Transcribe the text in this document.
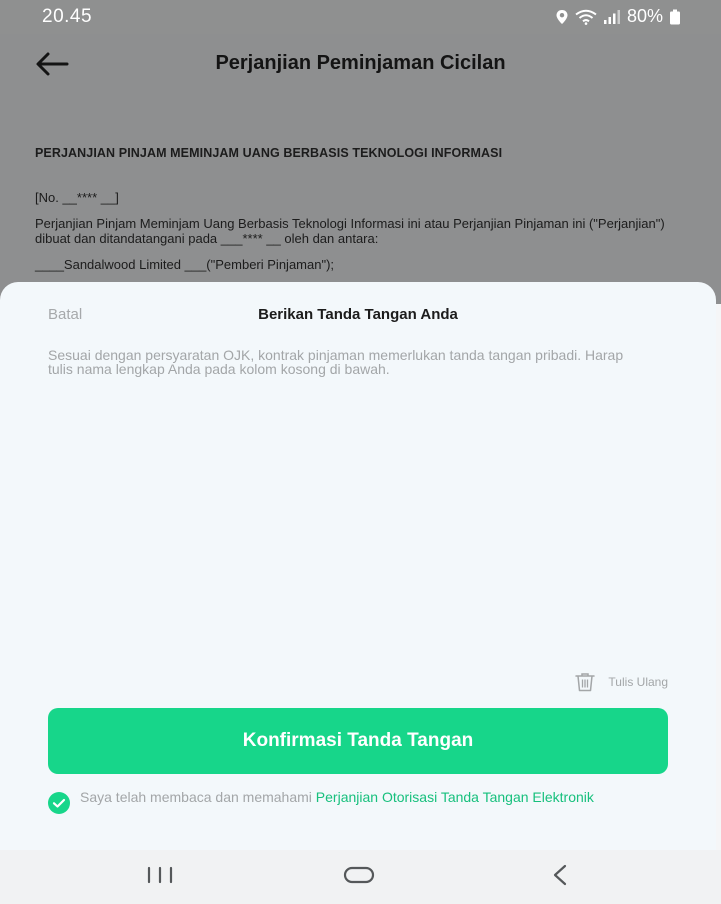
20.45	80%
Perjanjian Peminjaman Cicilan
PERJANJIAN PINJAM MEMINJAM UANG BERBASIS TEKNOLOGI INFORMASI
[No. __**** __]
Perjanjian Pinjam Meminjam Uang Berbasis Teknologi Informasi ini atau Perjanjian Pinjaman ini ("Perjanjian") dibuat dan ditandatangani pada ___**** __ oleh dan antara:
____Sandalwood Limited ___("Pemberi Pinjaman");
Batal	Berikan Tanda Tangan Anda
Sesuai dengan persyaratan OJK, kontrak pinjaman memerlukan tanda tangan pribadi. Harap tulis nama lengkap Anda pada kolom kosong di bawah.
Tulis Ulang
Konfirmasi Tanda Tangan
Saya telah membaca dan memahami Perjanjian Otorisasi Tanda Tangan Elektronik
